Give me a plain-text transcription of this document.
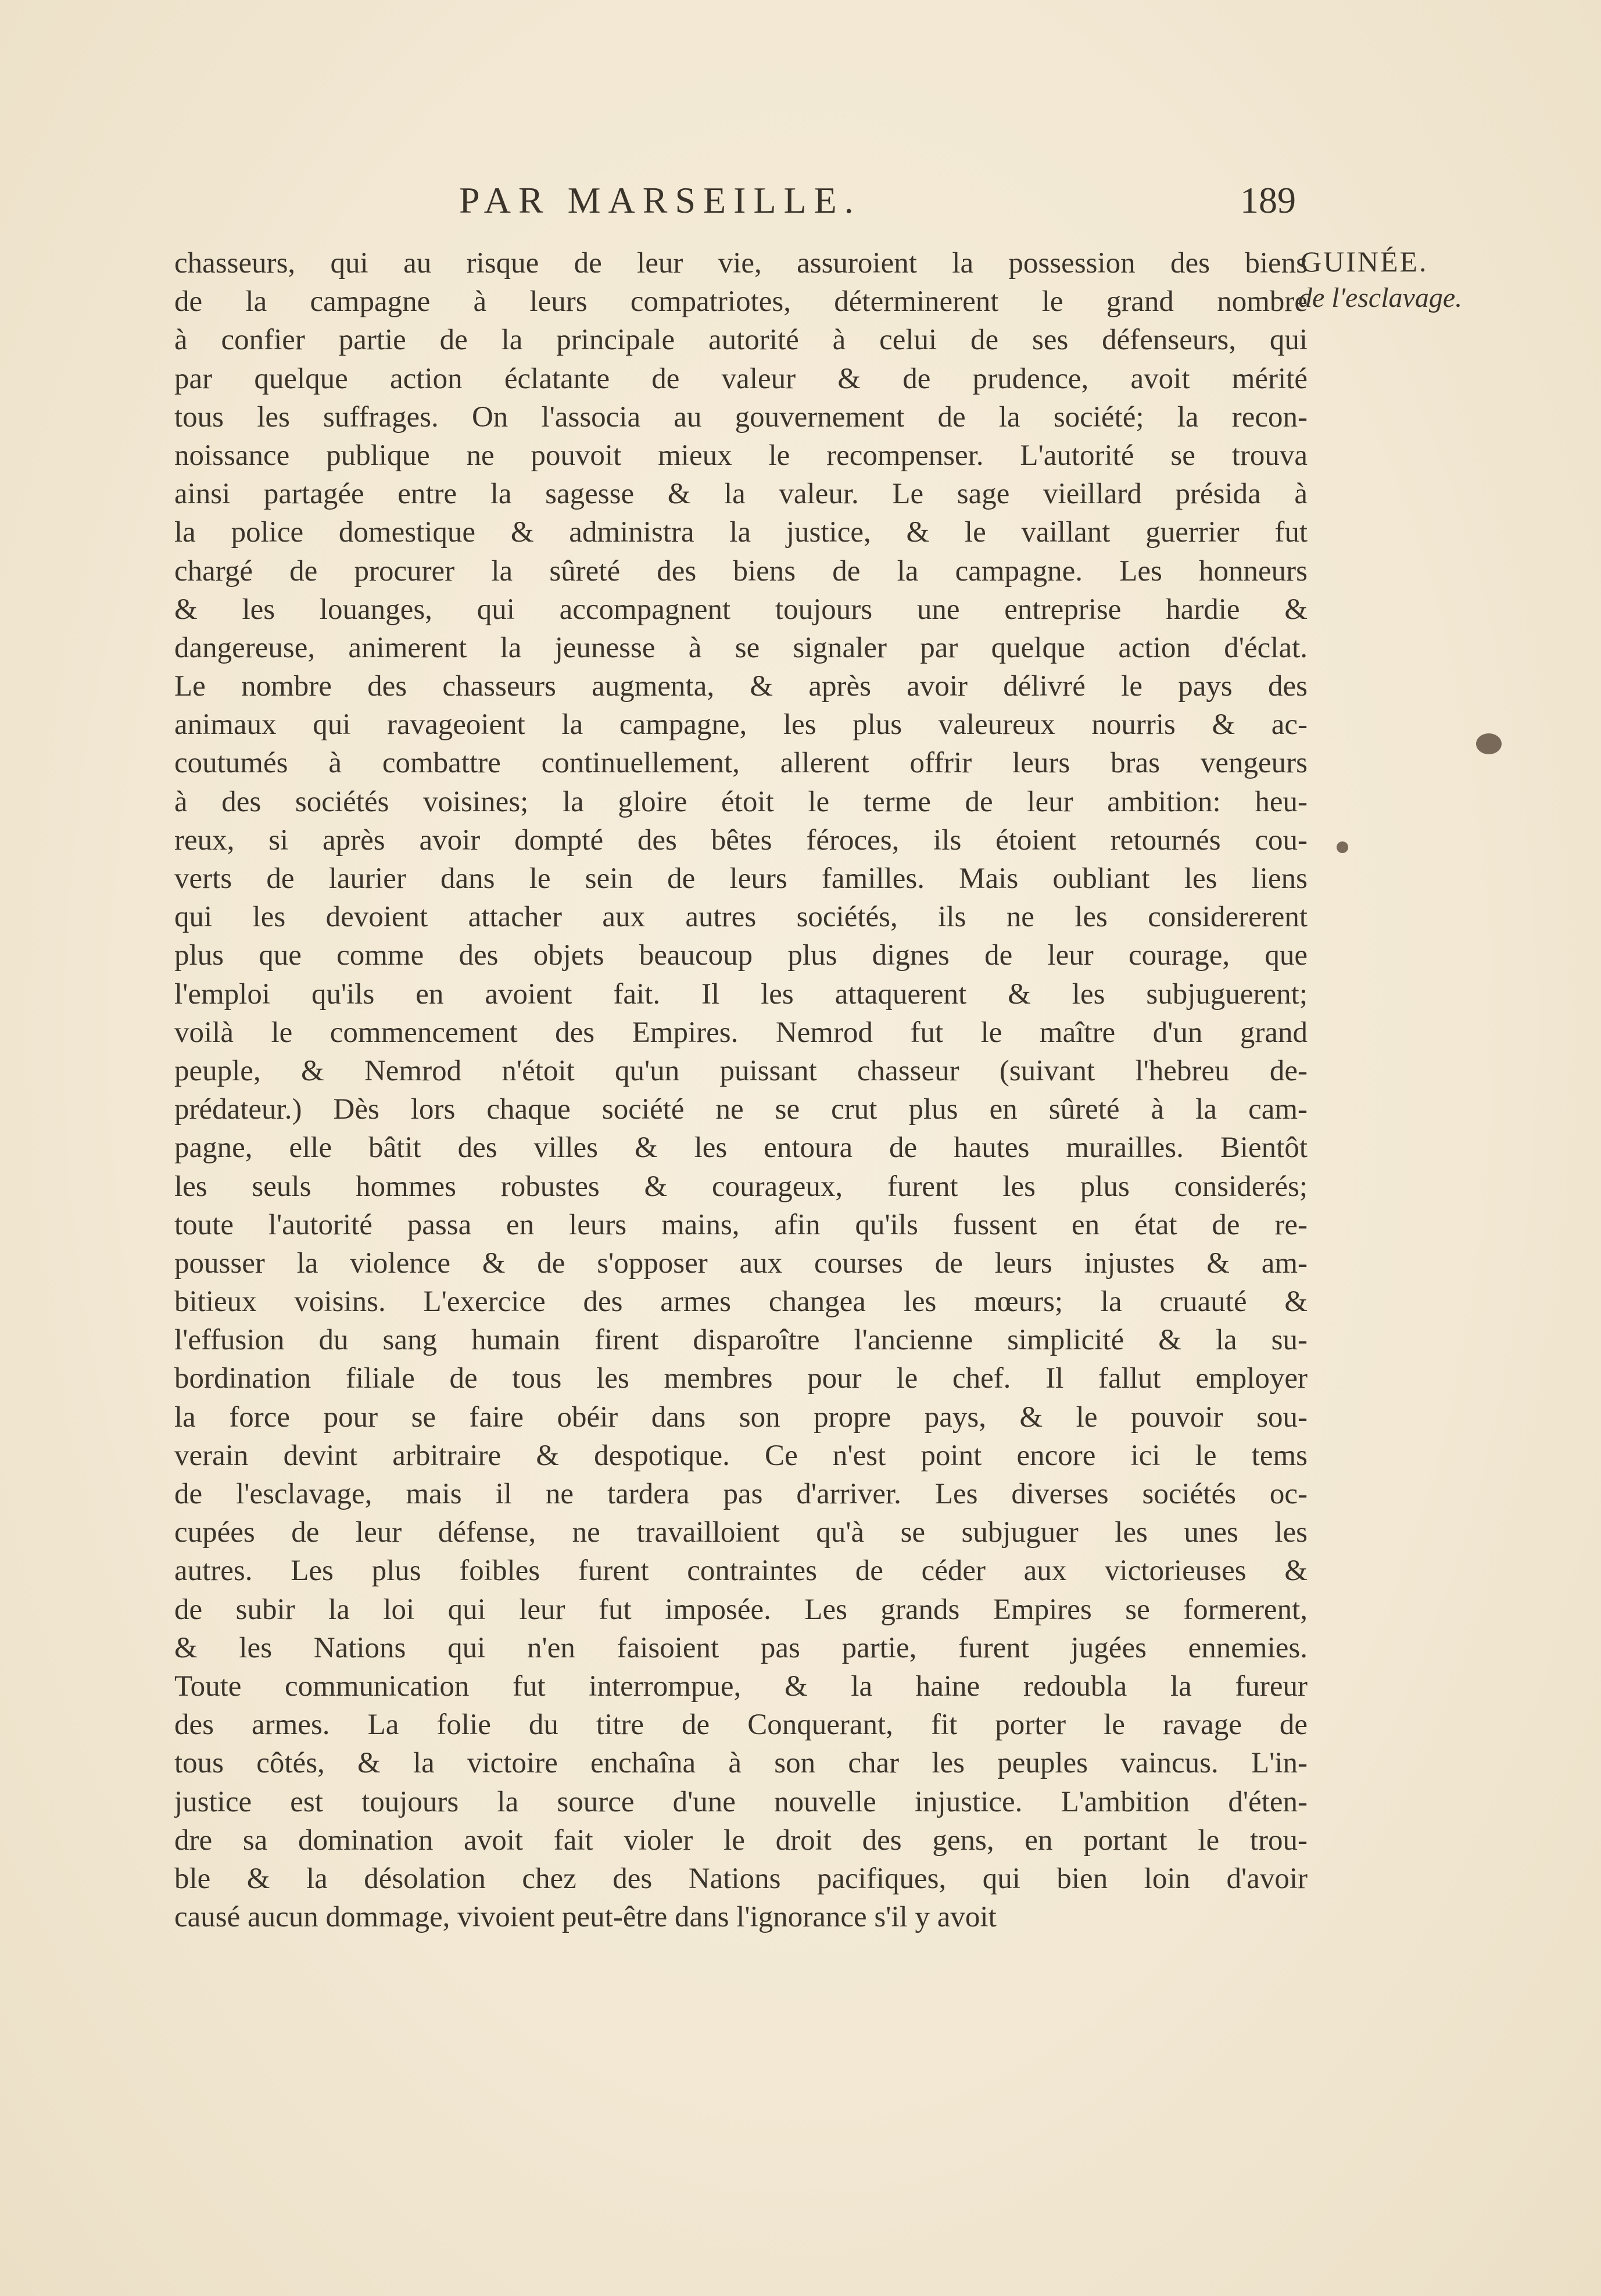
PAR MARSEILLE.	189
chasseurs, qui au risque de leur vie, assuroient la possession des biens
de la campagne à leurs compatriotes, déterminerent le grand nombre
à confier partie de la principale autorité à celui de ses défenseurs, qui
par quelque action éclatante de valeur & de prudence, avoit mérité
tous les suffrages. On l'associa au gouvernement de la société; la recon-
noissance publique ne pouvoit mieux le recompenser. L'autorité se trouva
ainsi partagée entre la sagesse & la valeur. Le sage vieillard présida à
la police domestique & administra la justice, & le vaillant guerrier fut
chargé de procurer la sûreté des biens de la campagne. Les honneurs
& les louanges, qui accompagnent toujours une entreprise hardie &
dangereuse, animerent la jeunesse à se signaler par quelque action d'éclat.
Le nombre des chasseurs augmenta, & après avoir délivré le pays des
animaux qui ravageoient la campagne, les plus valeureux nourris & ac-
coutumés à combattre continuellement, allerent offrir leurs bras vengeurs
à des sociétés voisines; la gloire étoit le terme de leur ambition: heu-
reux, si après avoir dompté des bêtes féroces, ils étoient retournés cou-
verts de laurier dans le sein de leurs familles. Mais oubliant les liens
qui les devoient attacher aux autres sociétés, ils ne les considererent
plus que comme des objets beaucoup plus dignes de leur courage, que
l'emploi qu'ils en avoient fait. Il les attaquerent & les subjuguerent;
voilà le commencement des Empires. Nemrod fut le maître d'un grand
peuple, & Nemrod n'étoit qu'un puissant chasseur (suivant l'hebreu de-
prédateur.) Dès lors chaque société ne se crut plus en sûreté à la cam-
pagne, elle bâtit des villes & les entoura de hautes murailles. Bientôt
les seuls hommes robustes & courageux, furent les plus considerés;
toute l'autorité passa en leurs mains, afin qu'ils fussent en état de re-
pousser la violence & de s'opposer aux courses de leurs injustes & am-
bitieux voisins. L'exercice des armes changea les mœurs; la cruauté &
l'effusion du sang humain firent disparoître l'ancienne simplicité & la su-
bordination filiale de tous les membres pour le chef. Il fallut employer
la force pour se faire obéir dans son propre pays, & le pouvoir sou-
verain devint arbitraire & despotique. Ce n'est point encore ici le tems
de l'esclavage, mais il ne tardera pas d'arriver. Les diverses sociétés oc-
cupées de leur défense, ne travailloient qu'à se subjuguer les unes les
autres. Les plus foibles furent contraintes de céder aux victorieuses &
de subir la loi qui leur fut imposée. Les grands Empires se formerent,
& les Nations qui n'en faisoient pas partie, furent jugées ennemies.
Toute communication fut interrompue, & la haine redoubla la fureur
des armes. La folie du titre de Conquerant, fit porter le ravage de
tous côtés, & la victoire enchaîna à son char les peuples vaincus. L'in-
justice est toujours la source d'une nouvelle injustice. L'ambition d'éten-
dre sa domination avoit fait violer le droit des gens, en portant le trou-
ble & la désolation chez des Nations pacifiques, qui bien loin d'avoir
causé aucun dommage, vivoient peut-être dans l'ignorance s'il y avoit
GUINÉE.
de l'esclavage.
